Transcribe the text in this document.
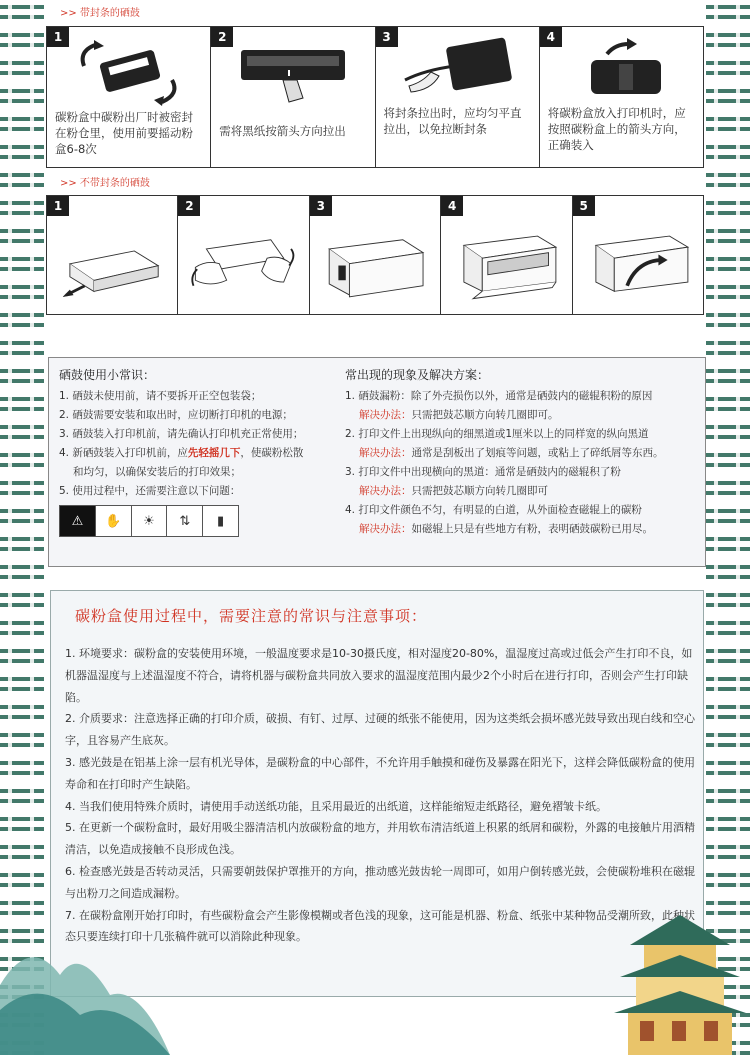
>> 带封条的硒鼓
1
碳粉盒中碳粉出厂时被密封在粉仓里，使用前要摇动粉盒6-8次
2
需将黑纸按箭头方向拉出
3
将封条拉出时，应均匀平直拉出，以免拉断封条
4
将碳粉盒放入打印机时，应按照碳粉盒上的箭头方向，正确装入
>> 不带封条的硒鼓
1	2	3	4	5
硒鼓使用小常识：
1. 硒鼓未使用前，请不要拆开正空包装袋；
2. 硒鼓需要安装和取出时，应切断打印机的电源；
3. 硒鼓装入打印机前，请先确认打印机充正常使用；
4. 新硒鼓装入打印机前，应先轻摇几下，使碳粉松散
和均匀，以确保安装后的打印效果；
5. 使用过程中，还需要注意以下问题：
⚠	✋	☀	⇅	▮
常出现的现象及解决方案：
1. 硒鼓漏粉：除了外壳损伤以外，通常是硒鼓内的磁辊积粉的原因
解决办法：只需把鼓芯顺方向转几圈即可。
2. 打印文件上出现纵向的细黑道或1厘米以上的同样宽的纵向黑道
解决办法：通常是刮板出了划痕等问题，或粘上了碎纸屑等东西。
3. 打印文件中出现横向的黑道：通常是硒鼓内的磁辊积了粉
解决办法：只需把鼓芯顺方向转几圈即可
4. 打印文件颜色不匀，有明显的白道，从外面检查磁辊上的碳粉
解决办法：如磁辊上只是有些地方有粉，表明硒鼓碳粉已用尽。
碳粉盒使用过程中，需要注意的常识与注意事项：

1. 环境要求：碳粉盒的安装使用环境，一般温度要求是10-30摄氏度，相对湿度20-80%，温湿度过高或过低会产生打印不良，如机器温湿度与上述温湿度不符合，请将机器与碳粉盒共同放入要求的温湿度范围内最少2个小时后在进行打印，否则会产生打印缺陷。

2. 介质要求：注意选择正确的打印介质，破损、有钉、过厚、过硬的纸张不能使用，因为这类纸会损坏感光鼓导致出现白线和空心字，且容易产生底灰。

3. 感光鼓是在铝基上涂一层有机光导体，是碳粉盒的中心部件，不允许用手触摸和碰伤及暴露在阳光下，这样会降低碳粉盒的使用寿命和在打印时产生缺陷。

4. 当我们使用特殊介质时，请使用手动送纸功能，且采用最近的出纸道，这样能缩短走纸路径，避免褶皱卡纸。

5. 在更新一个碳粉盒时，最好用吸尘器清洁机内放碳粉盒的地方，并用软布清洁纸道上积累的纸屑和碳粉，外露的电接触片用酒精清洁，以免造成接触不良形成色浅。

6. 检查感光鼓是否转动灵活，只需要朝鼓保护罩推开的方向，推动感光鼓齿轮一周即可，如用户倒转感光鼓，会使碳粉堆积在磁辊与出粉刀之间造成漏粉。

7. 在碳粉盒刚开始打印时，有些碳粉盒会产生影像模糊或者色浅的现象，这可能是机器、粉盒、纸张中某种物品受潮所致，此种状态只要连续打印十几张稿件就可以消除此种现象。
